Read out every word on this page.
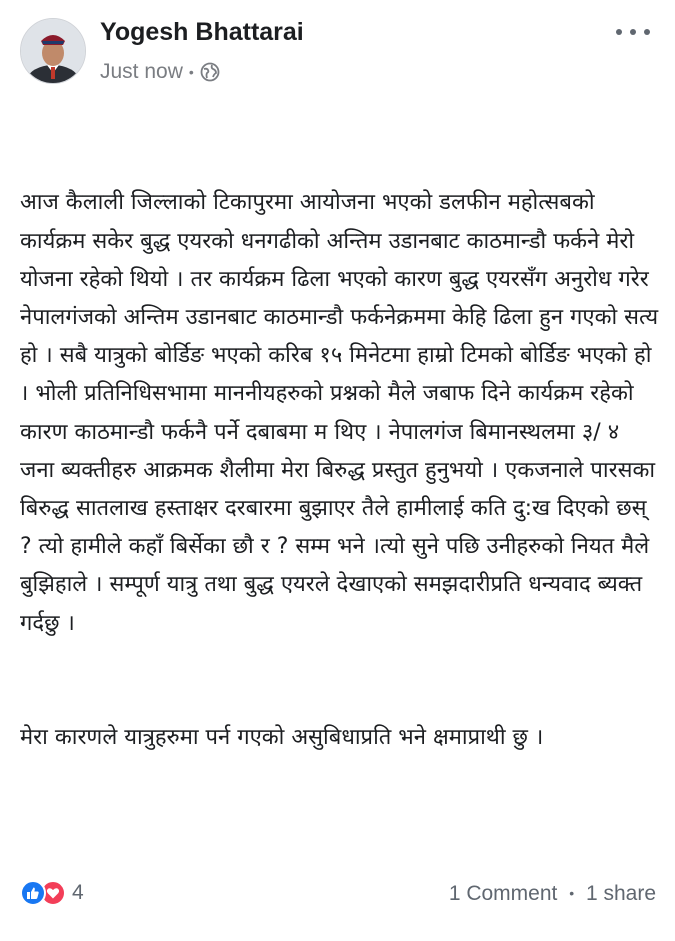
Yogesh Bhattarai
Just now •

आज कैलाली जिल्लाको टिकापुरमा आयोजना भएको डलफीन महोत्सबको कार्यक्रम सकेर बुद्ध एयरको धनगढीको अन्तिम उडानबाट काठमान्डौ फर्कने मेरो योजना रहेको थियो । तर कार्यक्रम ढिला भएको कारण बुद्ध एयरसँग अनुरोध गरेर नेपालगंजको अन्तिम उडानबाट काठमान्डौ फर्कनेक्रममा केहि ढिला हुन गएको सत्य हो । सबै यात्रुको बोर्डिङ भएको करिब १५ मिनेटमा हाम्रो टिमको बोर्डिङ भएको हो । भोली प्रतिनिधिसभामा माननीयहरुको प्रश्नको मैले जबाफ दिने कार्यक्रम रहेको कारण काठमान्डौ फर्कनै पर्ने दबाबमा म थिए । नेपालगंज बिमानस्थलमा ३/ ४ जना ब्यक्तीहरु आक्रमक शैलीमा मेरा बिरुद्ध प्रस्तुत हुनुभयो । एकजनाले पारसका बिरुद्ध सातलाख हस्ताक्षर दरबारमा बुझाएर तैले हामीलाई कति दु:ख दिएको छस् ? त्यो हामीले कहाँ बिर्सेका छौ र ? सम्म भने ।त्यो सुने पछि उनीहरुको नियत मैले बुझिहाले । सम्पूर्ण यात्रु तथा बुद्ध एयरले देखाएको समझदारीप्रति धन्यवाद ब्यक्त गर्दछु ।

मेरा कारणले यात्रुहरुमा पर्न गएको असुबिधाप्रति भने क्षमाप्राथी छु ।

4	1 Comment • 1 share
